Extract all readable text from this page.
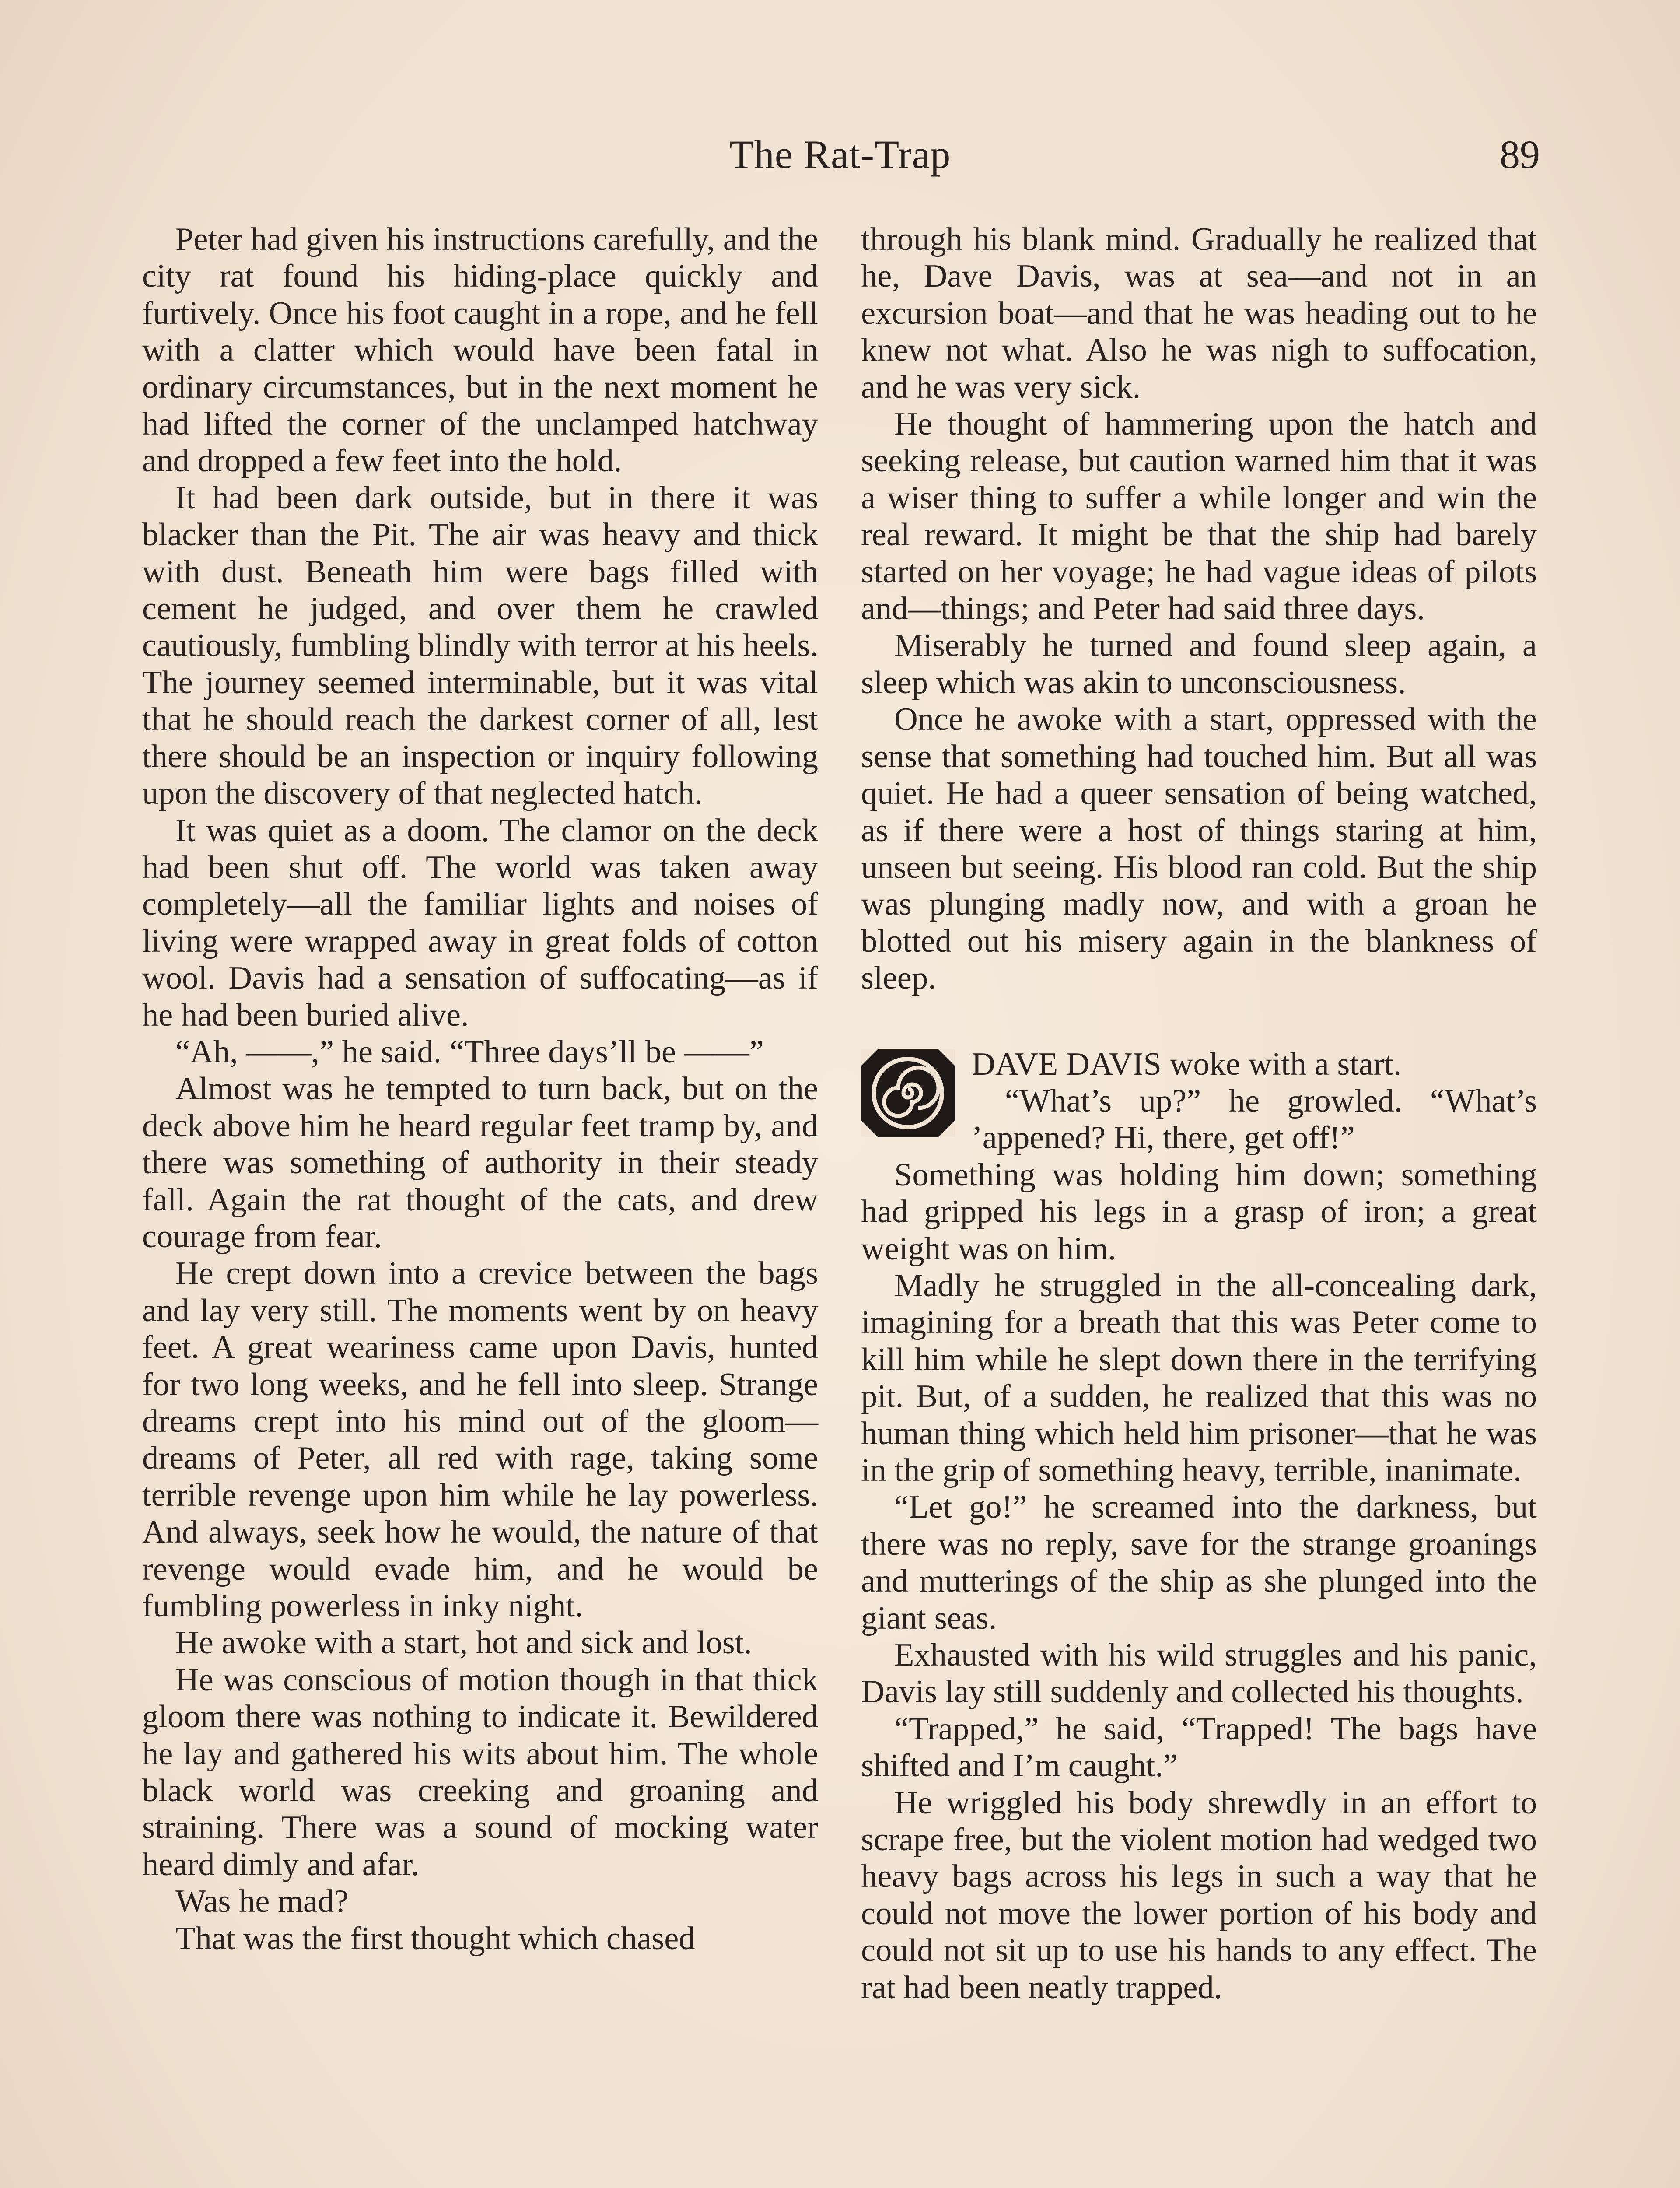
The Rat-Trap	89

Peter had given his instructions carefully, and the city rat found his hiding-place quickly and furtively. Once his foot caught in a rope, and he fell with a clatter which would have been fatal in ordinary circumstances, but in the next moment he had lifted the corner of the unclamped hatchway and dropped a few feet into the hold.

It had been dark outside, but in there it was blacker than the Pit. The air was heavy and thick with dust. Beneath him were bags filled with cement he judged, and over them he crawled cautiously, fumbling blindly with terror at his heels. The journey seemed interminable, but it was vital that he should reach the darkest corner of all, lest there should be an inspection or inquiry following upon the discovery of that neglected hatch.

It was quiet as a doom. The clamor on the deck had been shut off. The world was taken away completely—all the familiar lights and noises of living were wrapped away in great folds of cotton wool. Davis had a sensation of suffocating—as if he had been buried alive.

“Ah, ——,” he said. “Three days’ll be ——”

Almost was he tempted to turn back, but on the deck above him he heard regular feet tramp by, and there was something of authority in their steady fall. Again the rat thought of the cats, and drew courage from fear.

He crept down into a crevice between the bags and lay very still. The moments went by on heavy feet. A great weariness came upon Davis, hunted for two long weeks, and he fell into sleep. Strange dreams crept into his mind out of the gloom—dreams of Peter, all red with rage, taking some terrible revenge upon him while he lay powerless. And always, seek how he would, the nature of that revenge would evade him, and he would be fumbling powerless in inky night.

He awoke with a start, hot and sick and lost.

He was conscious of motion though in that thick gloom there was nothing to indicate it. Bewildered he lay and gathered his wits about him. The whole black world was creeking and groaning and straining. There was a sound of mocking water heard dimly and afar.

Was he mad?

That was the first thought which chased

through his blank mind. Gradually he realized that he, Dave Davis, was at sea—and not in an excursion boat—and that he was heading out to he knew not what. Also he was nigh to suffocation, and he was very sick.

He thought of hammering upon the hatch and seeking release, but caution warned him that it was a wiser thing to suffer a while longer and win the real reward. It might be that the ship had barely started on her voyage; he had vague ideas of pilots and—things; and Peter had said three days.

Miserably he turned and found sleep again, a sleep which was akin to unconsciousness.

Once he awoke with a start, oppressed with the sense that something had touched him. But all was quiet. He had a queer sensation of being watched, as if there were a host of things staring at him, unseen but seeing. His blood ran cold. But the ship was plunging madly now, and with a groan he blotted out his misery again in the blankness of sleep.

DAVE DAVIS woke with a start.

“What’s up?” he growled. “What’s ’appened? Hi, there, get off!”

Something was holding him down; something had gripped his legs in a grasp of iron; a great weight was on him.

Madly he struggled in the all-concealing dark, imagining for a breath that this was Peter come to kill him while he slept down there in the terrifying pit. But, of a sudden, he realized that this was no human thing which held him prisoner—that he was in the grip of something heavy, terrible, inanimate.

“Let go!” he screamed into the darkness, but there was no reply, save for the strange groanings and mutterings of the ship as she plunged into the giant seas.

Exhausted with his wild struggles and his panic, Davis lay still suddenly and collected his thoughts.

“Trapped,” he said, “Trapped! The bags have shifted and I’m caught.”

He wriggled his body shrewdly in an effort to scrape free, but the violent motion had wedged two heavy bags across his legs in such a way that he could not move the lower portion of his body and could not sit up to use his hands to any effect. The rat had been neatly trapped.
